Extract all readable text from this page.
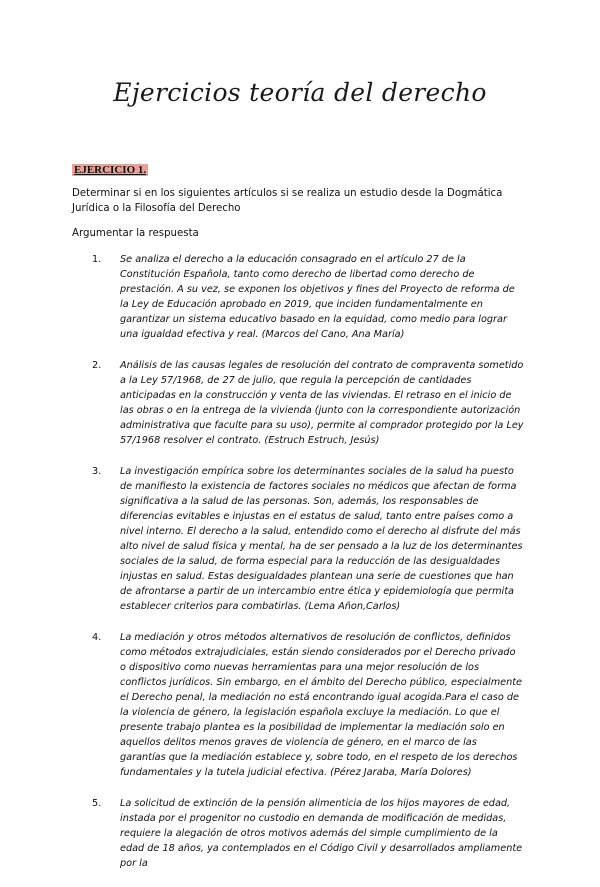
Ejercicios teoría del derecho
EJERCICIO 1.
Determinar si en los siguientes artículos si se realiza un estudio desde la Dogmática Jurídica o la Filosofía del Derecho
Argumentar la respuesta
1. Se analiza el derecho a la educación consagrado en el artículo 27 de la Constitución Española, tanto como derecho de libertad como derecho de prestación. A su vez, se exponen los objetivos y fines del Proyecto de reforma de la Ley de Educación aprobado en 2019, que inciden fundamentalmente en garantizar un sistema educativo basado en la equidad, como medio para lograr una igualdad efectiva y real. (Marcos del Cano, Ana María)
2. Análisis de las causas legales de resolución del contrato de compraventa sometido a la Ley 57/1968, de 27 de julio, que regula la percepción de cantidades anticipadas en la construcción y venta de las viviendas. El retraso en el inicio de las obras o en la entrega de la vivienda (junto con la correspondiente autorización administrativa que faculte para su uso), permite al comprador protegido por la Ley 57/1968 resolver el contrato. (Estruch Estruch, Jesús)
3. La investigación empírica sobre los determinantes sociales de la salud ha puesto de manifiesto la existencia de factores sociales no médicos que afectan de forma significativa a la salud de las personas. Son, además, los responsables de diferencias evitables e injustas en el estatus de salud, tanto entre países como a nivel interno. El derecho a la salud, entendido como el derecho al disfrute del más alto nivel de salud física y mental, ha de ser pensado a la luz de los determinantes sociales de la salud, de forma especial para la reducción de las desigualdades injustas en salud. Estas desigualdades plantean una serie de cuestiones que han de afrontarse a partir de un intercambio entre ética y epidemiología que permita establecer criterios para combatirlas. (Lema Añon,Carlos)
4. La mediación y otros métodos alternativos de resolución de conflictos, definidos como métodos extrajudiciales, están siendo considerados por el Derecho privado o dispositivo como nuevas herramientas para una mejor resolución de los conflictos jurídicos. Sin embargo, en el ámbito del Derecho público, especialmente el Derecho penal, la mediación no está encontrando igual acogida.Para el caso de la violencia de género, la legislación española excluye la mediación. Lo que el presente trabajo plantea es la posibilidad de implementar la mediación solo en aquellos delitos menos graves de violencia de género, en el marco de las garantías que la mediación establece y, sobre todo, en el respeto de los derechos fundamentales y la tutela judicial efectiva. (Pérez Jaraba, María Dolores)
5. La solicitud de extinción de la pensión alimenticia de los hijos mayores de edad, instada por el progenitor no custodio en demanda de modificación de medidas, requiere la alegación de otros motivos además del simple cumplimiento de la edad de 18 años, ya contemplados en el Código Civil y desarrollados ampliamente por la
